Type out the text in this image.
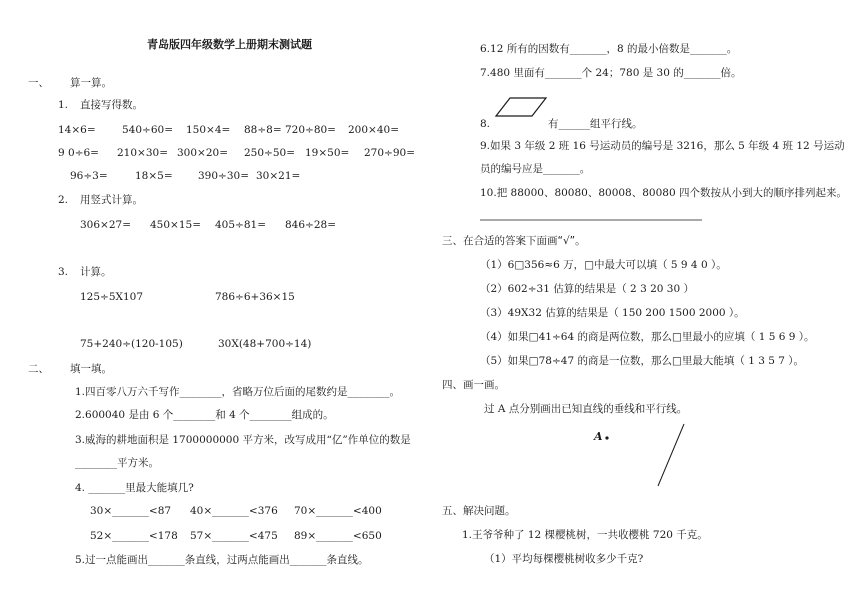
青岛版四年级数学上册期末测试题
一、 算一算。
1. 直接写得数。
14×6=	540÷60= 150×4= 88÷8= 720÷80= 200×40=
9 0÷6= 210×30= 300×20= 250÷50= 19×50= 270÷90=
96÷3=	18×5= 390÷30= 30×21=
2. 用竖式计算。
306×27= 450×15= 405÷81= 846÷28=
3. 计算。
125÷5X107	786÷6+36×15
75+240÷(120-105)	30X(48+700÷14)
二、 填一填。
1.四百零八万六千写作________，省略万位后面的尾数约是________。
2.600040 是由 6 个________和 4 个________组成的。
3.威海的耕地面积是 1700000000 平方米，改写成用“亿”作单位的数是
________平方米。
4. _______里最大能填几?
30×_______<87 40×_______<376 70×_______<400
52×_______<178 57×_______<475 89×_______<650
5.过一点能画出_______条直线，过两点能画出_______条直线。
6.12 所有的因数有_______，8 的最小倍数是_______。
7.480 里面有_______个 24；780 是 30 的_______倍。
8.	有______组平行线。
9.如果 3 年级 2 班 16 号运动员的编号是 3216，那么 5 年级 4 班 12 号运动
员的编号应是_______。
10.把 88000、80080、80008、80080 四个数按从小到大的顺序排列起来。
三、在合适的答案下面画“√”。
（1）6□356≈6 万，□中最大可以填（ 5 9 4 0 ）。
（2）602÷31 估算的结果是（ 2 3 20 30 ）
（3）49X32 估算的结果是（ 150 200 1500 2000 ）。
（4）如果□41÷64 的商是两位数，那么□里最小的应填（ 1 5 6 9 ）。
（5）如果□78÷47 的商是一位数，那么□里最大能填（ 1 3 5 7 ）。
四、画一画。
过 A 点分别画出已知直线的垂线和平行线。
A
五、解决问题。
1.王爷爷种了 12 棵樱桃树，一共收樱桃 720 千克。
（1）平均每棵樱桃树收多少千克?
